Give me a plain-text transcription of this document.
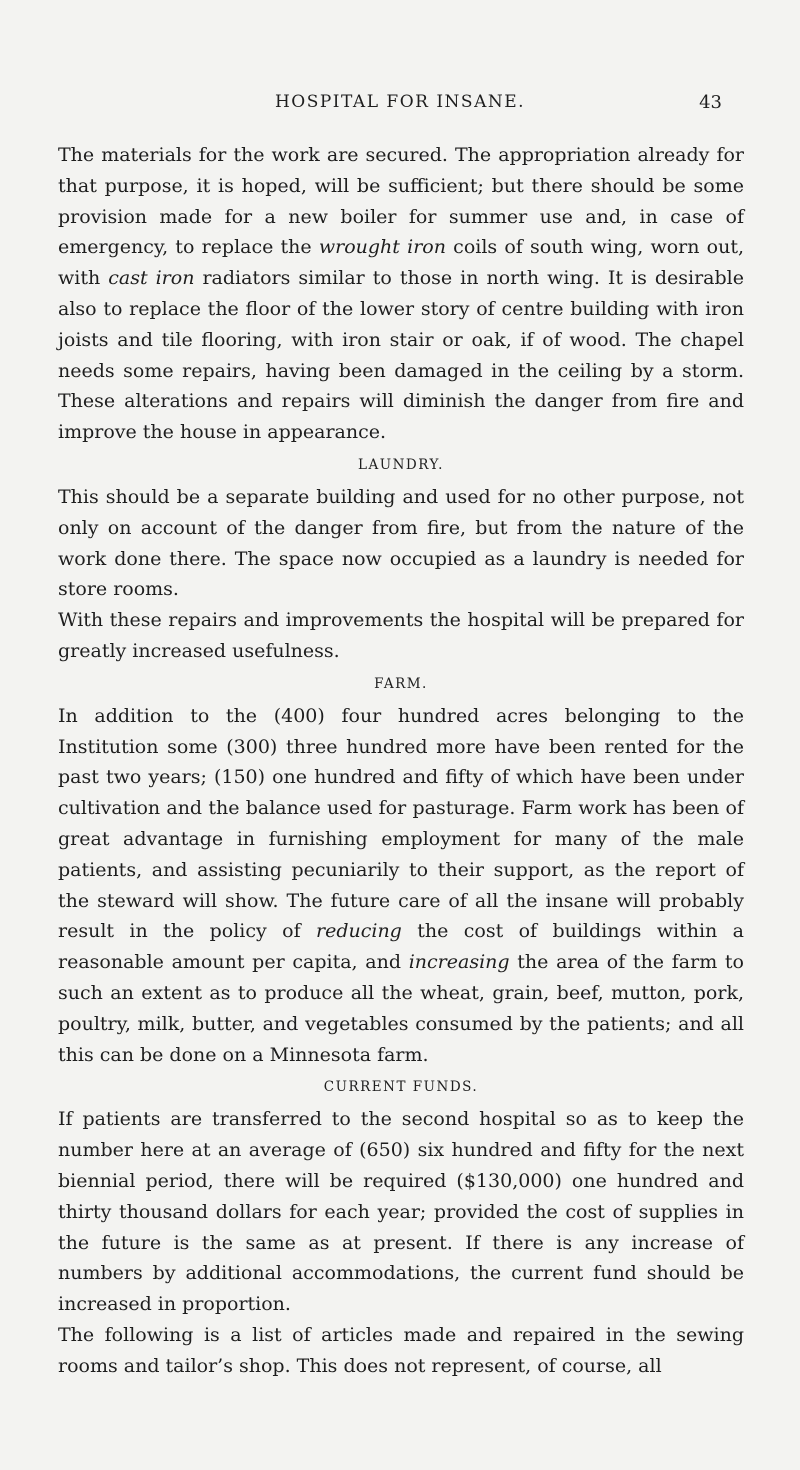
HOSPITAL FOR INSANE.	43

The materials for the work are secured. The appropriation already for that purpose, it is hoped, will be sufficient; but there should be some provision made for a new boiler for summer use and, in case of emergency, to replace the wrought iron coils of south wing, worn out, with cast iron radiators similar to those in north wing. It is desirable also to replace the floor of the lower story of centre building with iron joists and tile flooring, with iron stair or oak, if of wood. The chapel needs some repairs, having been damaged in the ceiling by a storm. These alterations and repairs will diminish the danger from fire and improve the house in appearance.

LAUNDRY.

This should be a separate building and used for no other purpose, not only on account of the danger from fire, but from the nature of the work done there. The space now occupied as a laundry is needed for store rooms.

With these repairs and improvements the hospital will be prepared for greatly increased usefulness.

FARM.

In addition to the (400) four hundred acres belonging to the Institution some (300) three hundred more have been rented for the past two years; (150) one hundred and fifty of which have been under cultivation and the balance used for pasturage. Farm work has been of great advantage in furnishing employment for many of the male patients, and assisting pecuniarily to their support, as the report of the steward will show. The future care of all the insane will probably result in the policy of reducing the cost of buildings within a reasonable amount per capita, and increasing the area of the farm to such an extent as to produce all the wheat, grain, beef, mutton, pork, poultry, milk, butter, and vegetables consumed by the patients; and all this can be done on a Minnesota farm.

CURRENT FUNDS.

If patients are transferred to the second hospital so as to keep the number here at an average of (650) six hundred and fifty for the next biennial period, there will be required ($130,000) one hundred and thirty thousand dollars for each year; provided the cost of supplies in the future is the same as at present. If there is any increase of numbers by additional accommodations, the current fund should be increased in proportion.

The following is a list of articles made and repaired in the sewing rooms and tailor’s shop. This does not represent, of course, all
